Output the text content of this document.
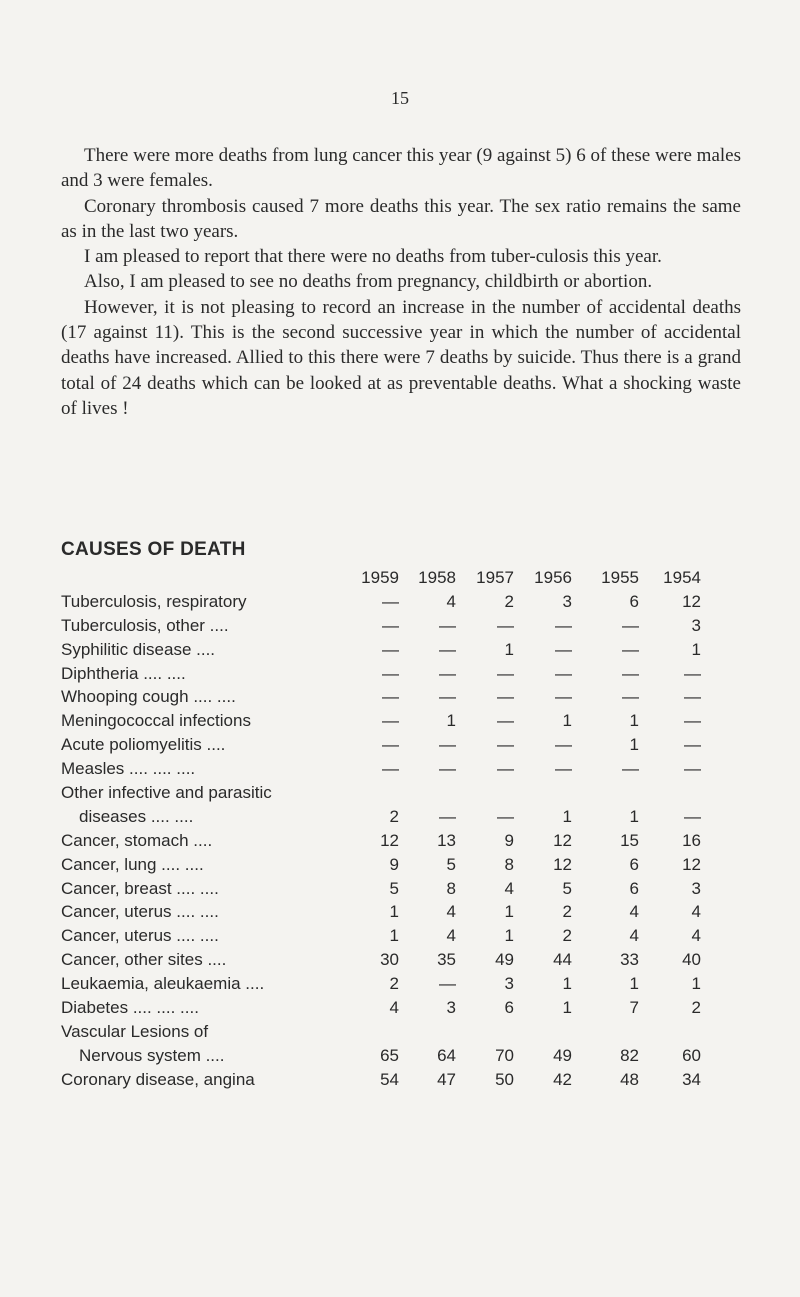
15

There were more deaths from lung cancer this year (9 against 5) 6 of these were males and 3 were females.

Coronary thrombosis caused 7 more deaths this year. The sex ratio remains the same as in the last two years.

I am pleased to report that there were no deaths from tuber-culosis this year.

Also, I am pleased to see no deaths from pregnancy, childbirth or abortion.

However, it is not pleasing to record an increase in the number of accidental deaths (17 against 11). This is the second successive year in which the number of accidental deaths have increased. Allied to this there were 7 deaths by suicide. Thus there is a grand total of 24 deaths which can be looked at as preventable deaths. What a shocking waste of lives !

CAUSES OF DEATH
1959	1958	1957	1956	1955	1954
Tuberculosis, respiratory	—	4	2	3	6	12
Tuberculosis, other ....	—	—	—	—	—	3
Syphilitic disease ....	—	—	1	—	—	1
Diphtheria .... ....	—	—	—	—	—	—
Whooping cough .... ....	—	—	—	—	—	—
Meningococcal infections	—	1	—	1	1	—
Acute poliomyelitis ....	—	—	—	—	1	—
Measles .... .... ....	—	—	—	—	—	—
Other infective and parasitic
diseases .... ....	2	—	—	1	1	—
Cancer, stomach ....	12	13	9	12	15	16
Cancer, lung .... ....	9	5	8	12	6	12
Cancer, breast .... ....	5	8	4	5	6	3
Cancer, uterus .... ....	1	4	1	2	4	4
Cancer, uterus .... ....	1	4	1	2	4	4
Cancer, other sites ....	30	35	49	44	33	40
Leukaemia, aleukaemia ....	2	—	3	1	1	1
Diabetes .... .... ....	4	3	6	1	7	2
Vascular Lesions of
Nervous system ....	65	64	70	49	82	60
Coronary disease, angina	54	47	50	42	48	34
